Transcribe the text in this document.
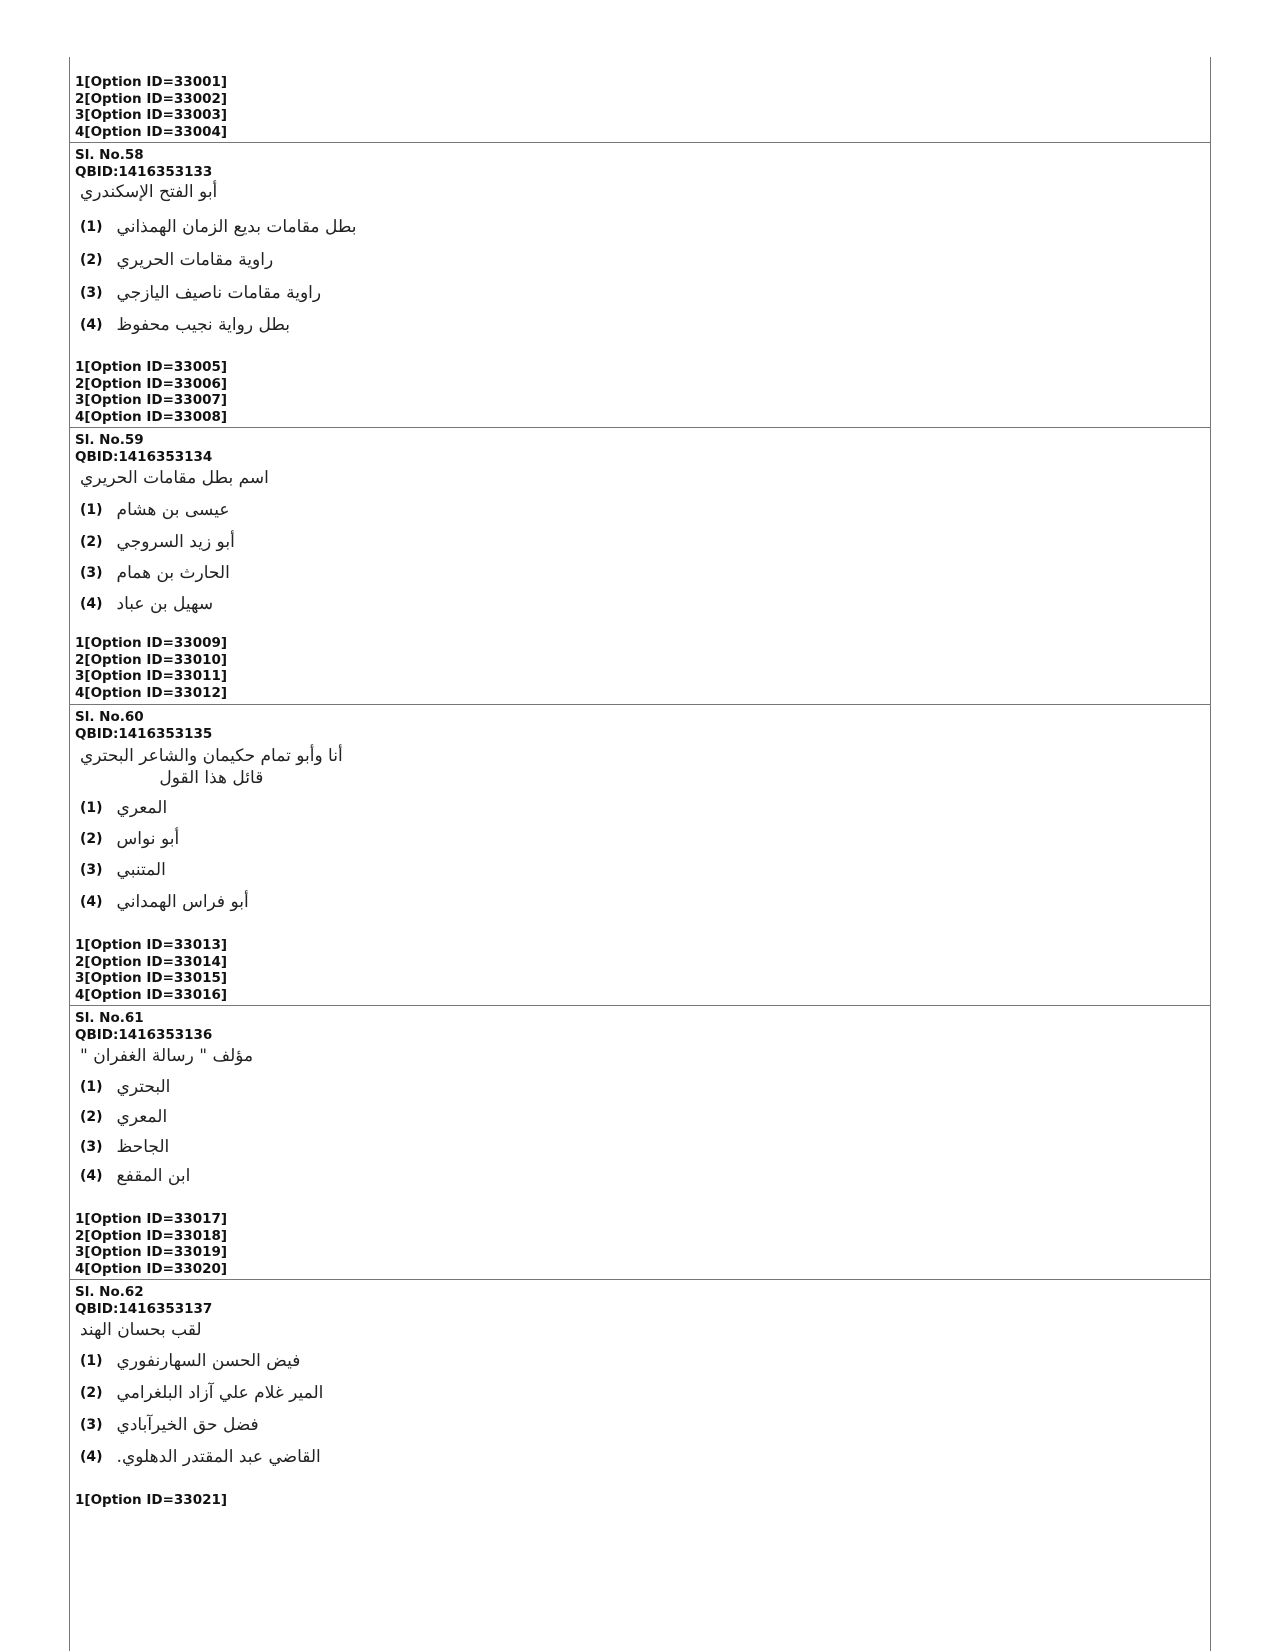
1[Option ID=33001]
2[Option ID=33002]
3[Option ID=33003]
4[Option ID=33004]
Sl. No.58
QBID:1416353133
أبو الفتح الإسكندري
(1) بطل مقامات بديع الزمان الهمذاني
(2) راوية مقامات الحريري
(3) راوية مقامات ناصيف اليازجي
(4) بطل رواية نجيب محفوظ
1[Option ID=33005]
2[Option ID=33006]
3[Option ID=33007]
4[Option ID=33008]
Sl. No.59
QBID:1416353134
اسم بطل مقامات الحريري
(1) عيسى بن هشام
(2) أبو زيد السروجي
(3) الحارث بن همام
(4) سهيل بن عباد
1[Option ID=33009]
2[Option ID=33010]
3[Option ID=33011]
4[Option ID=33012]
Sl. No.60
QBID:1416353135
أنا وأبو تمام حكيمان والشاعر البحتري
قائل هذا القول
(1) المعري
(2) أبو نواس
(3) المتنبي
(4) أبو فراس الهمداني
1[Option ID=33013]
2[Option ID=33014]
3[Option ID=33015]
4[Option ID=33016]
Sl. No.61
QBID:1416353136
مؤلف " رسالة الغفران "
(1) البحتري
(2) المعري
(3) الجاحظ
(4) ابن المقفع
1[Option ID=33017]
2[Option ID=33018]
3[Option ID=33019]
4[Option ID=33020]
Sl. No.62
QBID:1416353137
لقب بحسان الهند
(1) فيض الحسن السهارنفوري
(2) المير غلام علي آزاد البلغرامي
(3) فضل حق الخيرآبادي
(4) القاضي عبد المقتدر الدهلوي.
1[Option ID=33021]
